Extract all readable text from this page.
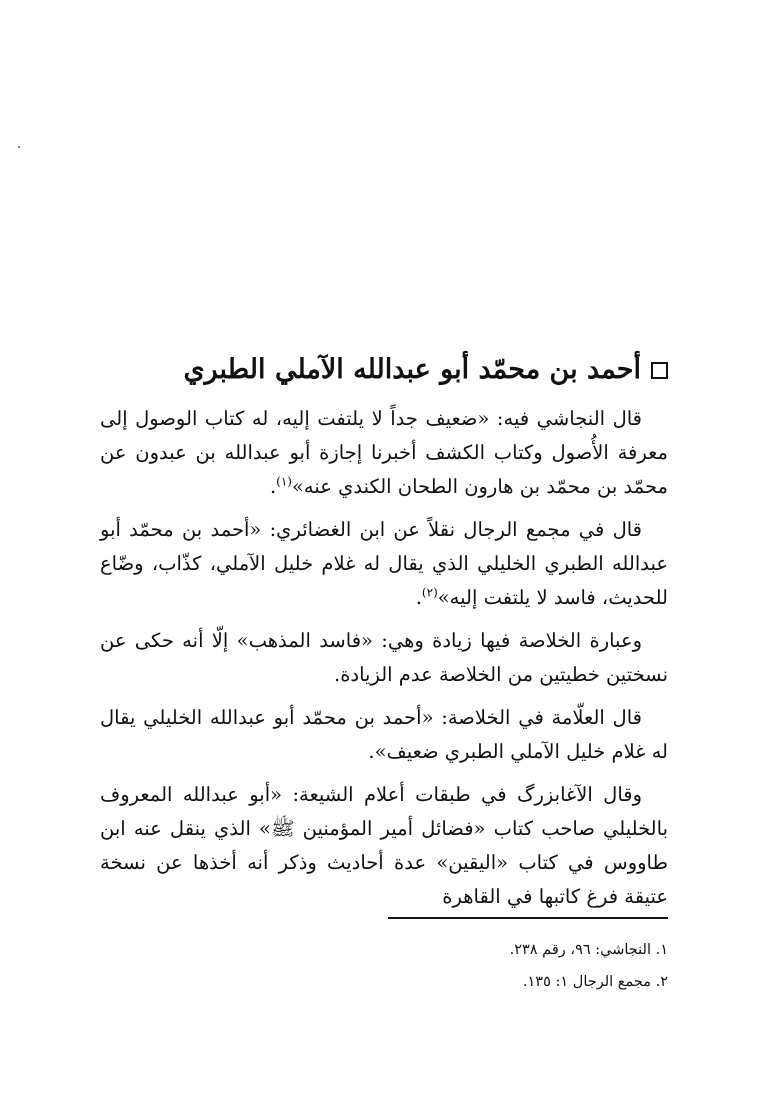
أحمد بن محمّد أبو عبدالله الآملي الطبري

قال النجاشي فيه: «ضعيف جداً لا يلتفت إليه، له كتاب الوصول إلى معرفة الأُصول وكتاب الكشف أخبرنا إجازة أبو عبدالله بن عبدون عن محمّد بن محمّد بن هارون الطحان الكندي عنه»$^{(١)}$.

قال في مجمع الرجال نقلاً عن ابن الغضائري: «أحمد بن محمّد أبو عبدالله الطبري الخليلي الذي يقال له غلام خليل الآملي، كذّاب، وضّاع للحديث، فاسد لا يلتفت إليه»$^{(٢)}$.

وعبارة الخلاصة فيها زيادة وهي: «فاسد المذهب» إلّا أنه حكى عن نسختين خطيتين من الخلاصة عدم الزيادة.

قال العلّامة في الخلاصة: «أحمد بن محمّد أبو عبدالله الخليلي يقال له غلام خليل الآملي الطبري ضعيف».

وقال الآغابزرگ في طبقات أعلام الشيعة: «أبو عبدالله المعروف بالخليلي صاحب كتاب «فضائل أمير المؤمنين ﷺ» الذي ينقل عنه ابن طاووس في كتاب «اليقين» عدة أحاديث وذكر أنه أخذها عن نسخة عتيقة فرغ كاتبها في القاهرة

١. النجاشي: ٩٦، رقم ٢٣٨.
٢. مجمع الرجال ١: ١٣٥.
